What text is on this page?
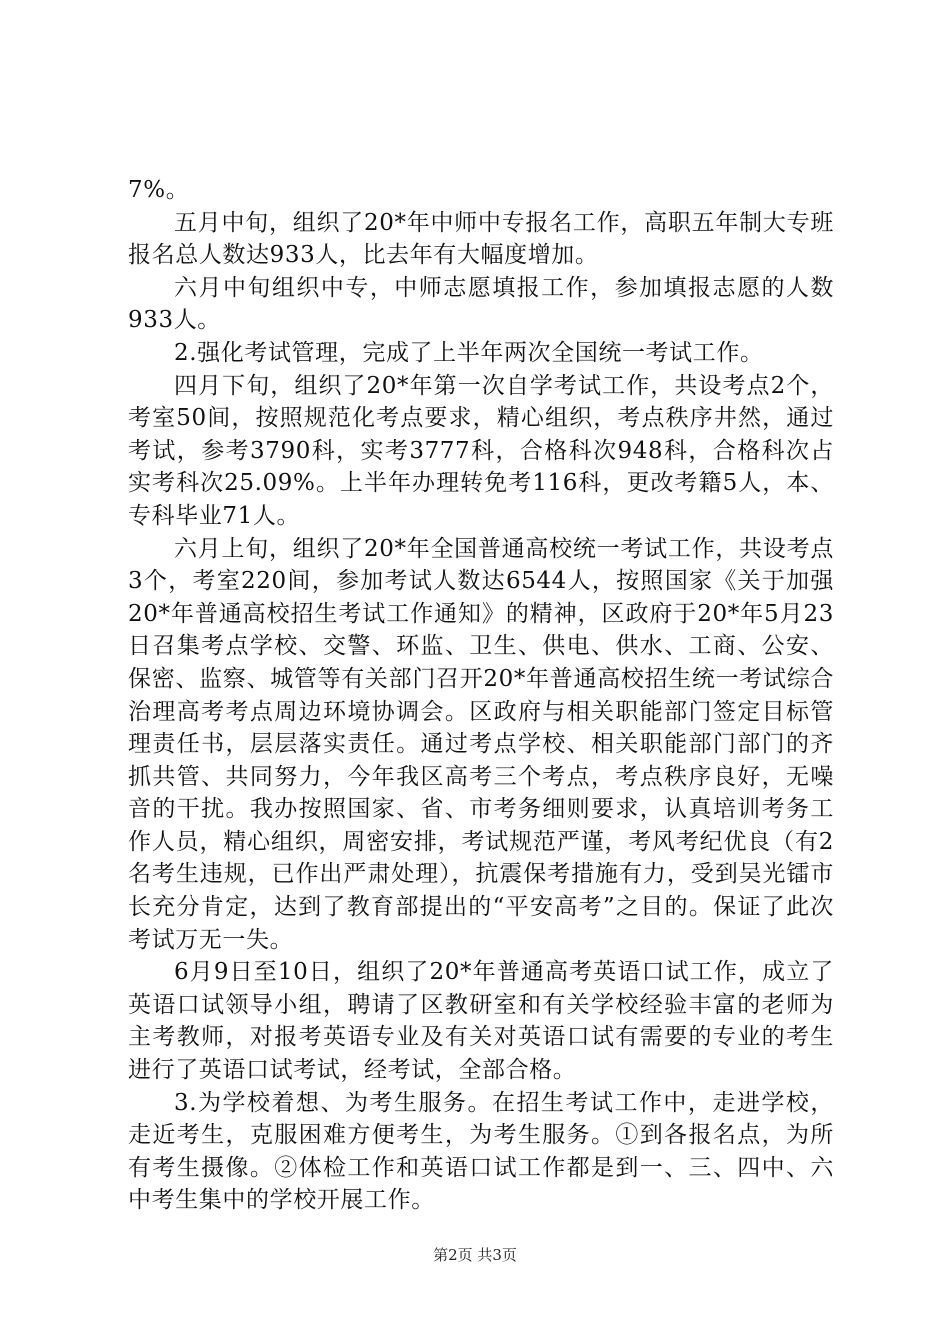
7%。

五月中旬，组织了20*年中师中专报名工作，高职五年制大专班报名总人数达933人，比去年有大幅度增加。

六月中旬组织中专，中师志愿填报工作，参加填报志愿的人数933人。

2.强化考试管理，完成了上半年两次全国统一考试工作。

四月下旬，组织了20*年第一次自学考试工作，共设考点2个，考室50间，按照规范化考点要求，精心组织，考点秩序井然，通过考试，参考3790科，实考3777科，合格科次948科，合格科次占实考科次25.09%。上半年办理转免考116科，更改考籍5人，本、专科毕业71人。

六月上旬，组织了20*年全国普通高校统一考试工作，共设考点3个，考室220间，参加考试人数达6544人，按照国家《关于加强20*年普通高校招生考试工作通知》的精神，区政府于20*年5月23日召集考点学校、交警、环监、卫生、供电、供水、工商、公安、保密、监察、城管等有关部门召开20*年普通高校招生统一考试综合治理高考考点周边环境协调会。区政府与相关职能部门签定目标管理责任书，层层落实责任。通过考点学校、相关职能部门部门的齐抓共管、共同努力，今年我区高考三个考点，考点秩序良好，无噪音的干扰。我办按照国家、省、市考务细则要求，认真培训考务工作人员，精心组织，周密安排，考试规范严谨，考风考纪优良（有2名考生违规，已作出严肃处理），抗震保考措施有力，受到吴光镭市长充分肯定，达到了教育部提出的“平安高考”之目的。保证了此次考试万无一失。

6月9日至10日，组织了20*年普通高考英语口试工作，成立了英语口试领导小组，聘请了区教研室和有关学校经验丰富的老师为主考教师，对报考英语专业及有关对英语口试有需要的专业的考生进行了英语口试考试，经考试，全部合格。

3.为学校着想、为考生服务。在招生考试工作中，走进学校，走近考生，克服困难方便考生，为考生服务。①到各报名点，为所有考生摄像。②体检工作和英语口试工作都是到一、三、四中、六中考生集中的学校开展工作。

第2页 共3页
